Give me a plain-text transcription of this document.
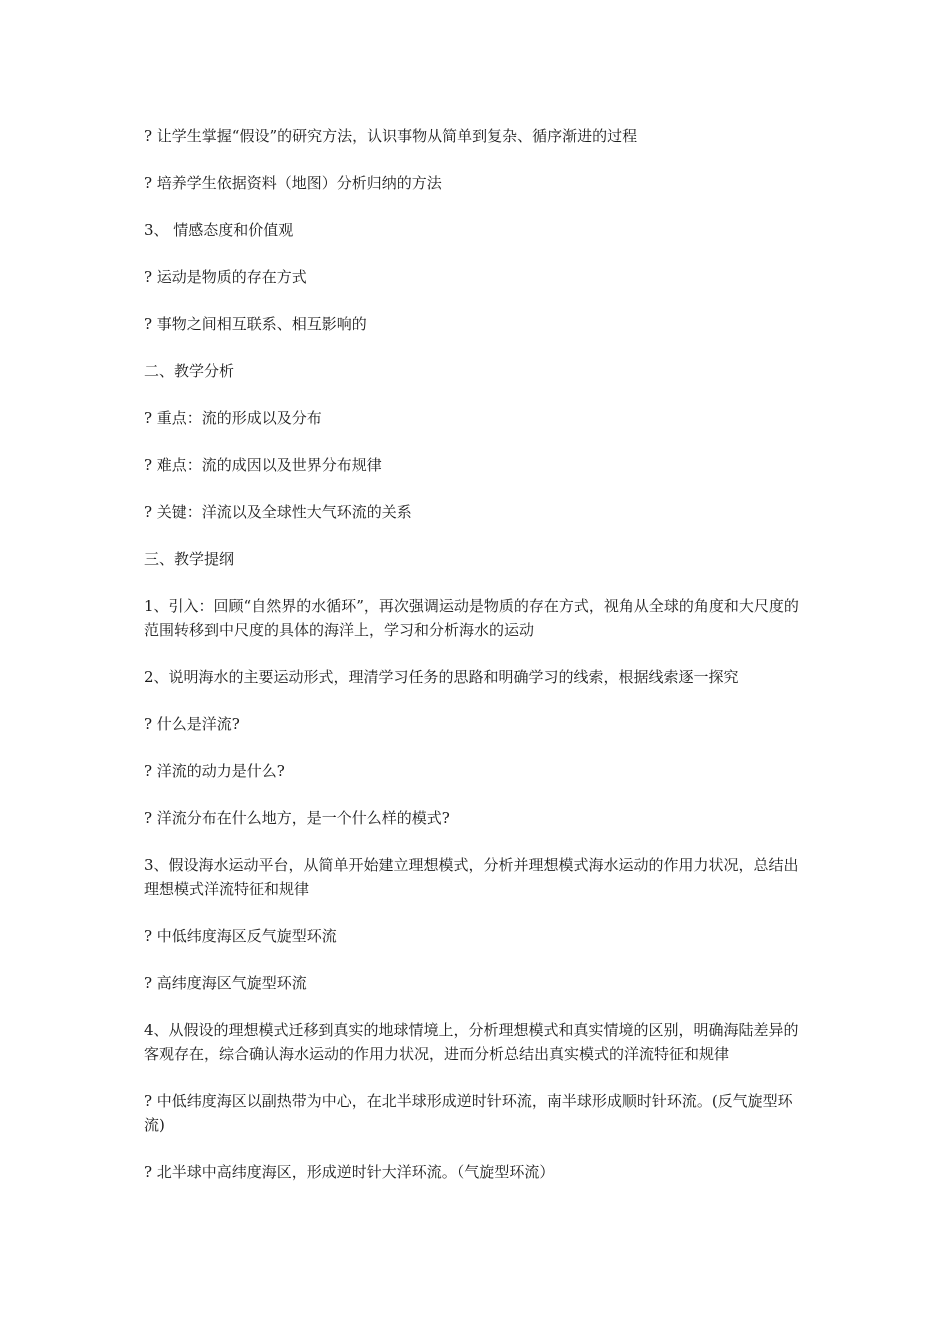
? 让学生掌握“假设”的研究方法，认识事物从简单到复杂、循序渐进的过程

? 培养学生依据资料（地图）分析归纳的方法

3、 情感态度和价值观

? 运动是物质的存在方式

? 事物之间相互联系、相互影响的

二、教学分析

? 重点：流的形成以及分布

? 难点：流的成因以及世界分布规律

? 关键：洋流以及全球性大气环流的关系

三、教学提纲

1、引入：回顾“自然界的水循环”，再次强调运动是物质的存在方式，视角从全球的角度和大尺度的范围转移到中尺度的具体的海洋上，学习和分析海水的运动

2、说明海水的主要运动形式，理清学习任务的思路和明确学习的线索，根据线索逐一探究

? 什么是洋流?

? 洋流的动力是什么?

? 洋流分布在什么地方，是一个什么样的模式?

3、假设海水运动平台，从简单开始建立理想模式，分析并理想模式海水运动的作用力状况，总结出理想模式洋流特征和规律

? 中低纬度海区反气旋型环流

? 高纬度海区气旋型环流

4、从假设的理想模式迁移到真实的地球情境上，分析理想模式和真实情境的区别，明确海陆差异的客观存在，综合确认海水运动的作用力状况，进而分析总结出真实模式的洋流特征和规律

? 中低纬度海区以副热带为中心，在北半球形成逆时针环流，南半球形成顺时针环流。(反气旋型环流)

? 北半球中高纬度海区，形成逆时针大洋环流。（气旋型环流）
